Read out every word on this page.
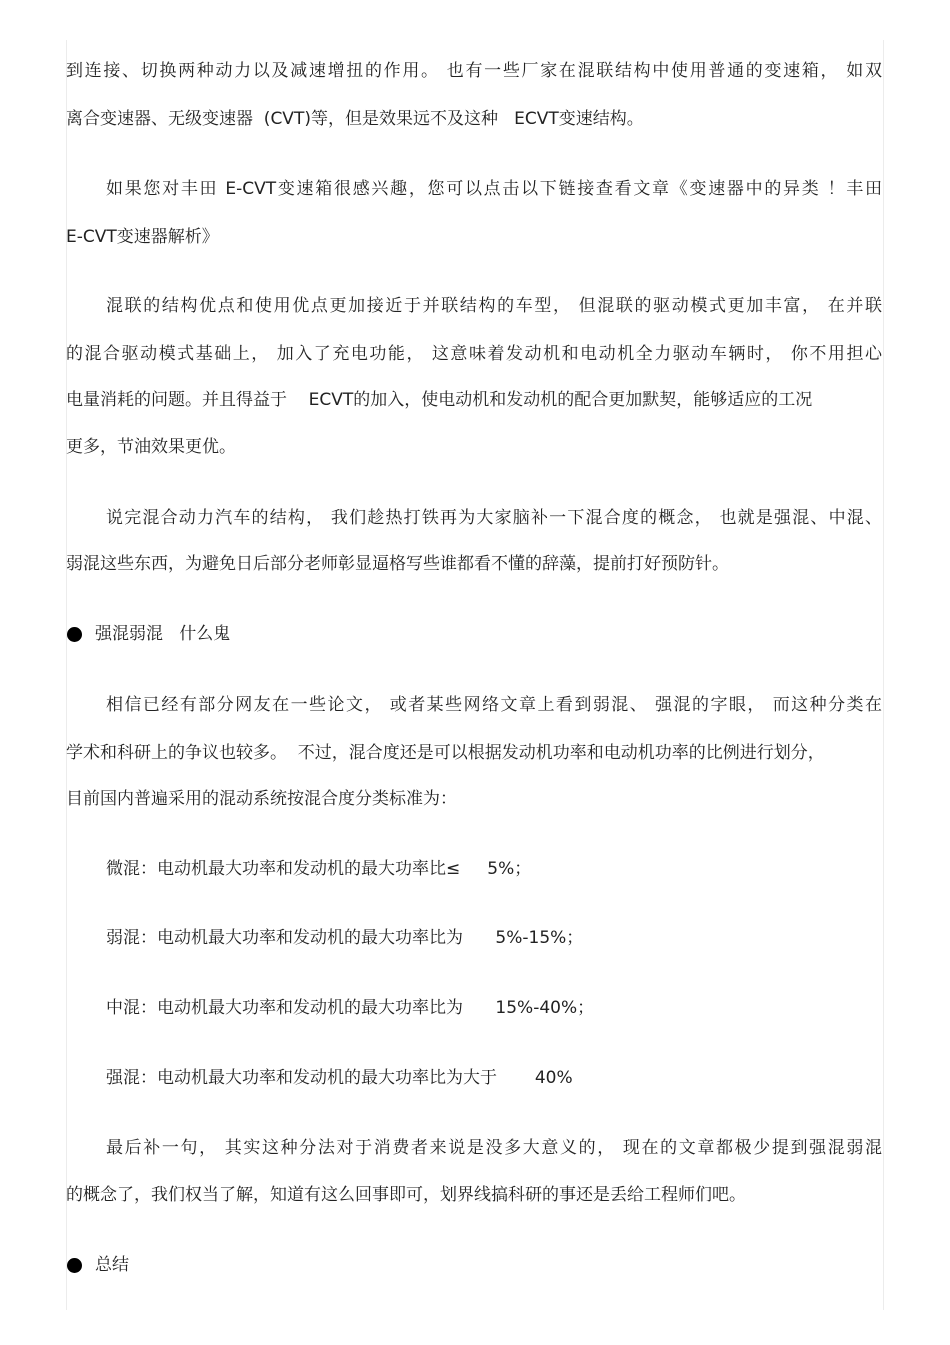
到连接、切换两种动力以及减速增扭的作用。 也有一些厂家在混联结构中使用普通的变速箱， 如双
离合变速器、无级变速器  (CVT)等，但是效果远不及这种   ECVT变速结构。
如果您对丰田 E-CVT变速箱很感兴趣，您可以点击以下链接查看文章《变速器中的异类 ！丰田
E-CVT变速器解析》
混联的结构优点和使用优点更加接近于并联结构的车型， 但混联的驱动模式更加丰富， 在并联
的混合驱动模式基础上， 加入了充电功能， 这意味着发动机和电动机全力驱动车辆时， 你不用担心
电量消耗的问题。并且得益于    ECVT的加入，使电动机和发动机的配合更加默契，能够适应的工况
更多，节油效果更优。
说完混合动力汽车的结构， 我们趁热打铁再为大家脑补一下混合度的概念， 也就是强混、中混、
弱混这些东西，为避免日后部分老师彰显逼格写些谁都看不懂的辞藻，提前打好预防针。
强混弱混   什么鬼
相信已经有部分网友在一些论文， 或者某些网络文章上看到弱混、 强混的字眼， 而这种分类在
学术和科研上的争议也较多。  不过，混合度还是可以根据发动机功率和电动机功率的比例进行划分，
目前国内普遍采用的混动系统按混合度分类标准为：
微混：电动机最大功率和发动机的最大功率比≤     5%；
弱混：电动机最大功率和发动机的最大功率比为      5%-15%；
中混：电动机最大功率和发动机的最大功率比为      15%-40%；
强混：电动机最大功率和发动机的最大功率比为大于       40%
最后补一句， 其实这种分法对于消费者来说是没多大意义的， 现在的文章都极少提到强混弱混
的概念了，我们权当了解，知道有这么回事即可，划界线搞科研的事还是丢给工程师们吧。
总结
